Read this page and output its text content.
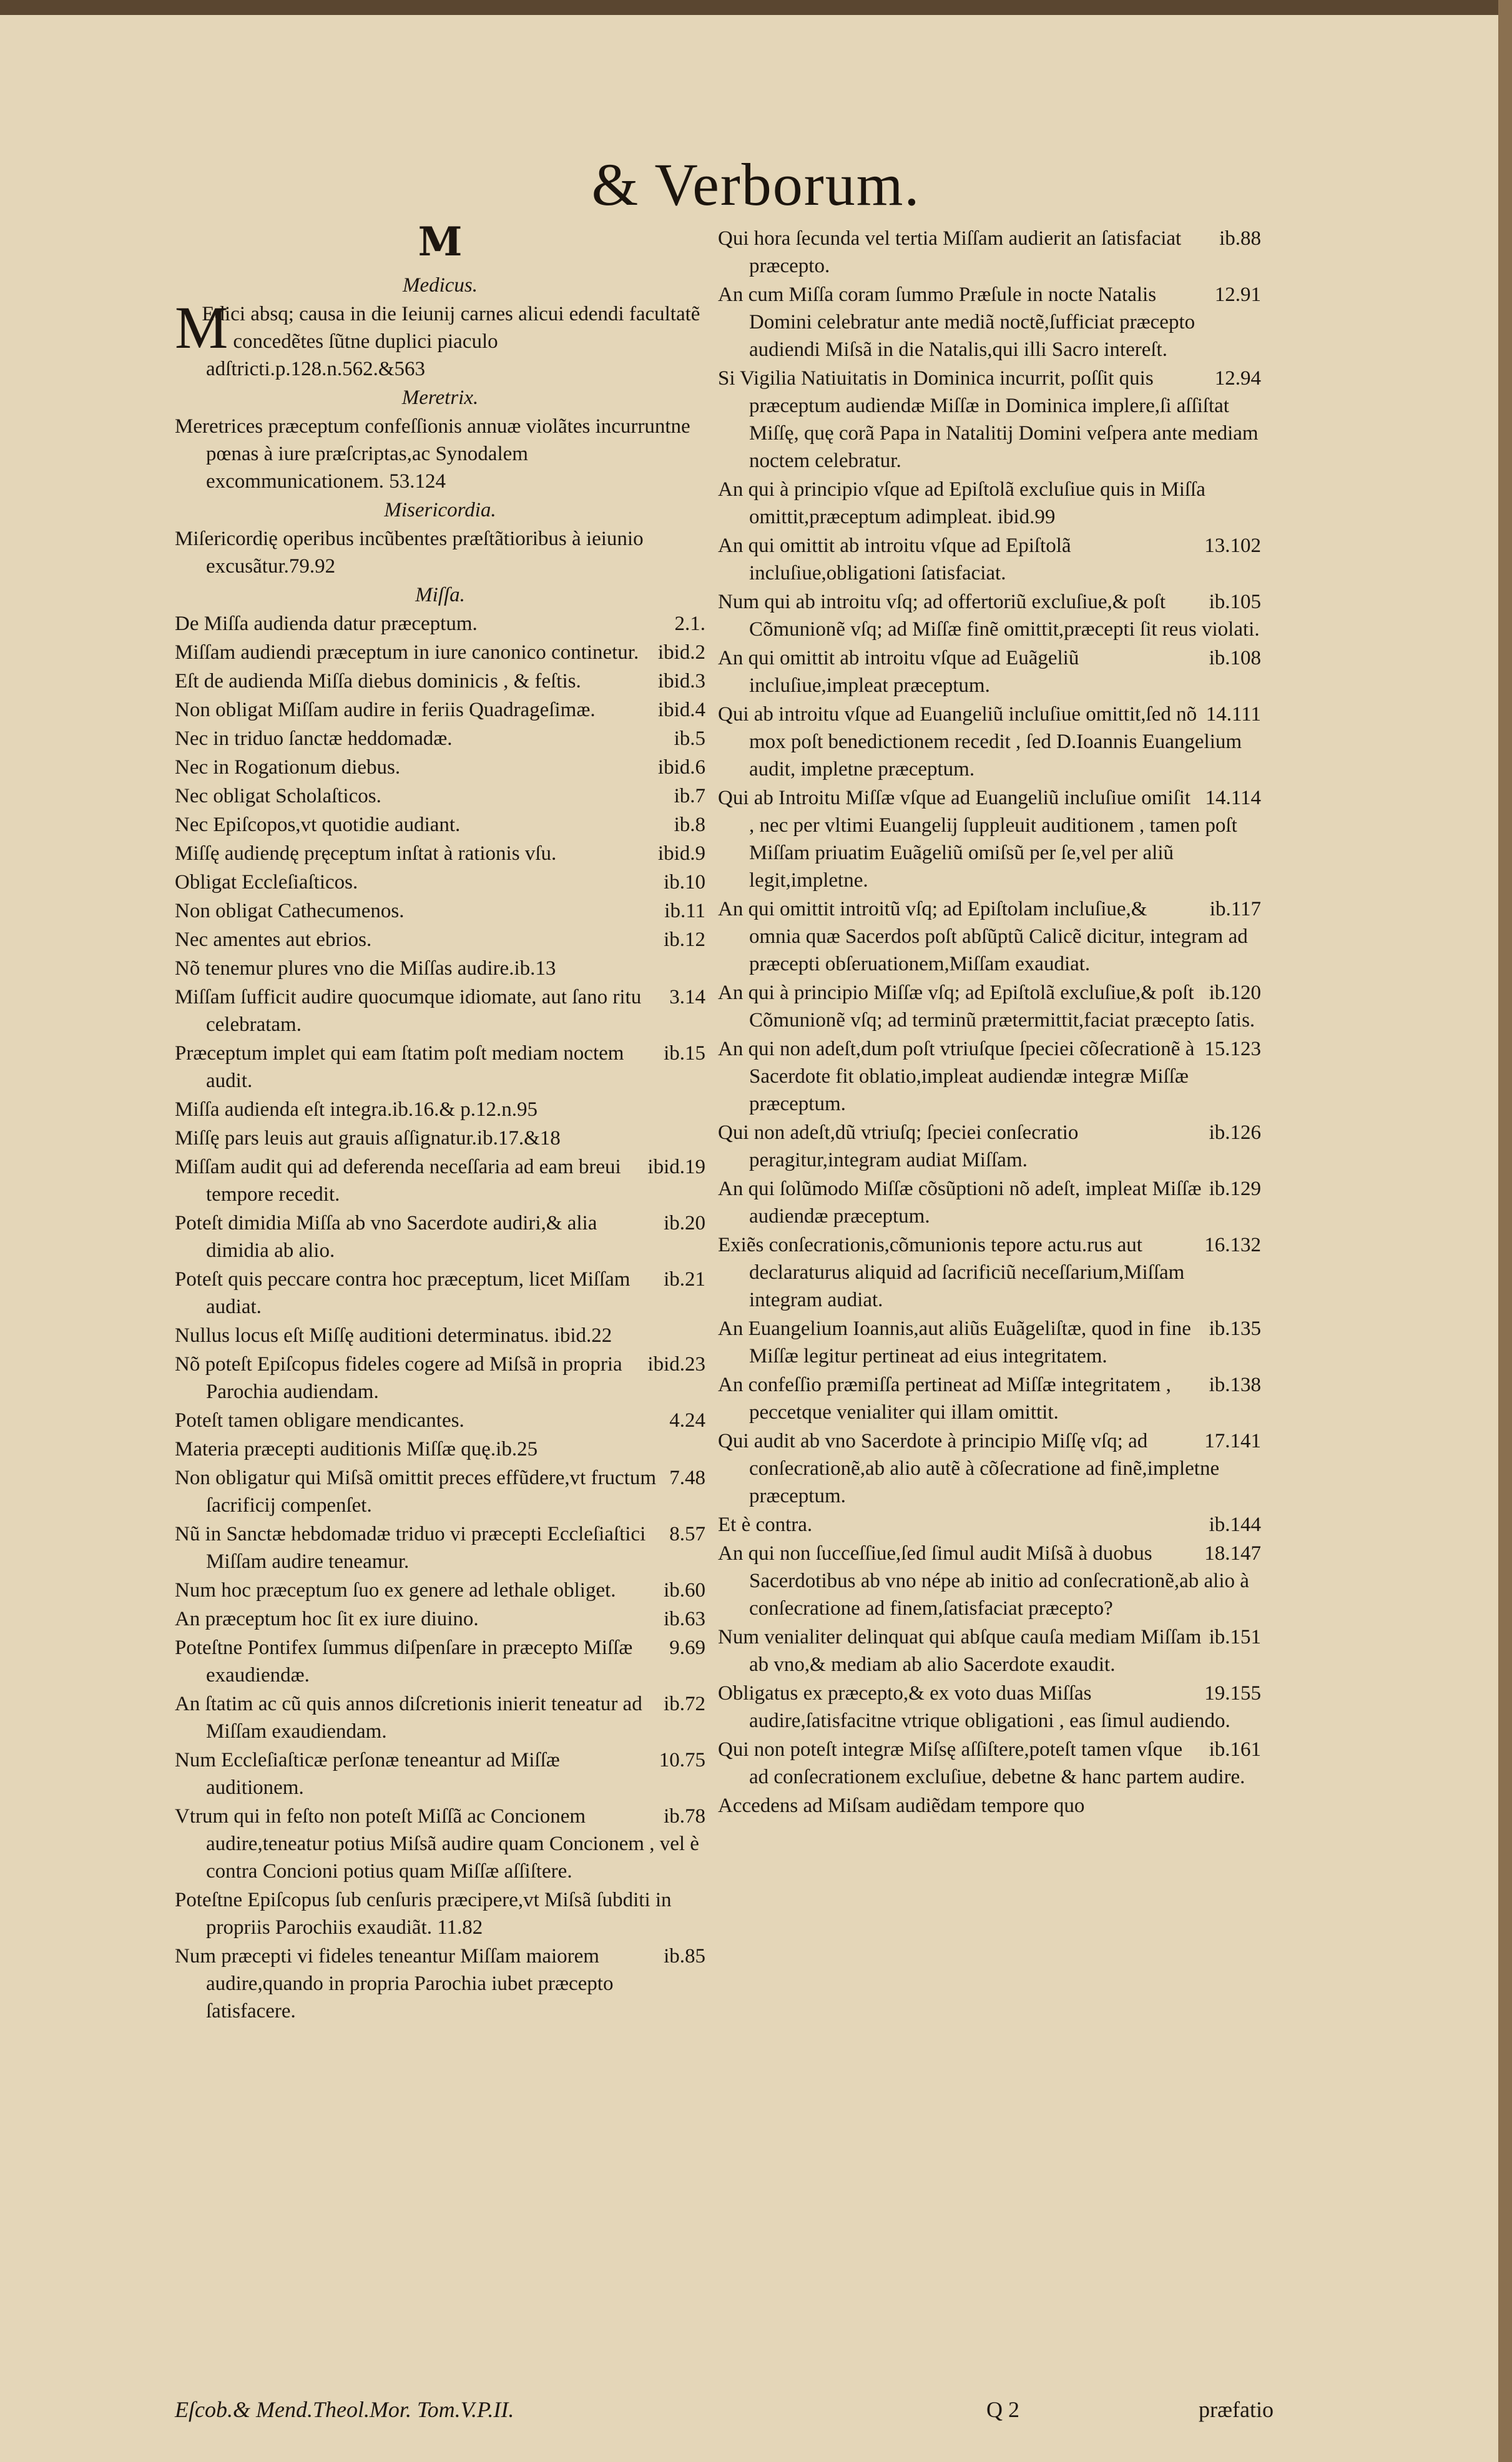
& Verborum.
M
Medicus.
M
Edici absq; causa in die Ieiunij carnes alicui edendi facultatẽ concedẽtes ſũtne duplici piaculo adſtricti.p.128.n.562.&563
Meretrix.
Meretrices præceptum confeſſionis annuæ violãtes incurruntne pœnas à iure præſcriptas,ac Synodalem excommunicationem. 53.124
Misericordia.
Miſericordię operibus incũbentes præſtãtioribus à ieiunio excusãtur.79.92
Miſſa.
2.1.
De Miſſa audienda datur præceptum.
ibid.2
Miſſam audiendi præceptum in iure canonico continetur.
ibid.3
Eſt de audienda Miſſa diebus dominicis , & feſtis.
ibid.4
Non obligat Miſſam audire in feriis Quadrageſimæ.
ib.5
Nec in triduo ſanctæ heddomadæ.
ibid.6
Nec in Rogationum diebus.
ib.7
Nec obligat Scholaſticos.
ib.8
Nec Epiſcopos,vt quotidie audiant.
ibid.9
Miſſę audiendę pręceptum inſtat à rationis vſu.
ib.10
Obligat Eccleſiaſticos.
ib.11
Non obligat Cathecumenos.
ib.12
Nec amentes aut ebrios.
Nõ tenemur plures vno die Miſſas audire.ib.13
3.14
Miſſam ſufficit audire quocumque idiomate, aut ſano ritu celebratam.
ib.15
Præceptum implet qui eam ſtatim poſt mediam noctem audit.
Miſſa audienda eſt integra.ib.16.& p.12.n.95
Miſſę pars leuis aut grauis aſſignatur.ib.17.&18
ibid.19
Miſſam audit qui ad deferenda neceſſaria ad eam breui tempore recedit.
ib.20
Poteſt dimidia Miſſa ab vno Sacerdote audiri,& alia dimidia ab alio.
ib.21
Poteſt quis peccare contra hoc præceptum, licet Miſſam audiat.
Nullus locus eſt Miſſę auditioni determinatus. ibid.22
ibid.23
Nõ poteſt Epiſcopus fideles cogere ad Miſsã in propria Parochia audiendam.
4.24
Poteſt tamen obligare mendicantes.
Materia præcepti auditionis Miſſæ quę.ib.25
7.48
Non obligatur qui Miſsã omittit preces effũdere,vt fructum ſacrificij compenſet.
8.57
Nũ in Sanctæ hebdomadæ triduo vi præcepti Eccleſiaſtici Miſſam audire teneamur.
ib.60
Num hoc præceptum ſuo ex genere ad lethale obliget.
ib.63
An præceptum hoc ſit ex iure diuino.
9.69
Poteſtne Pontifex ſummus diſpenſare in præcepto Miſſæ exaudiendæ.
ib.72
An ſtatim ac cũ quis annos diſcretionis inierit teneatur ad Miſſam exaudiendam.
10.75
Num Eccleſiaſticæ perſonæ teneantur ad Miſſæ auditionem.
ib.78
Vtrum qui in feſto non poteſt Miſſã ac Concionem audire,teneatur potius Miſsã audire quam Concionem , vel è contra Concioni potius quam Miſſæ aſſiſtere.
Poteſtne Epiſcopus ſub cenſuris præcipere,vt Miſsã ſubditi in propriis Parochiis exaudiãt. 11.82
ib.85
Num præcepti vi fideles teneantur Miſſam maiorem audire,quando in propria Parochia iubet præcepto ſatisfacere.
ib.88
Qui hora ſecunda vel tertia Miſſam audierit an ſatisfaciat præcepto.
12.91
An cum Miſſa coram ſummo Præſule in nocte Natalis Domini celebratur ante mediã noctẽ,ſufficiat præcepto audiendi Miſsã in die Natalis,qui illi Sacro intereſt.
12.94
Si Vigilia Natiuitatis in Dominica incurrit, poſſit quis præceptum audiendæ Miſſæ in Dominica implere,ſi aſſiſtat Miſſę, quę corã Papa in Natalitij Domini veſpera ante mediam noctem celebratur.
An qui à principio vſque ad Epiſtolã excluſiue quis in Miſſa omittit,præceptum adimpleat. ibid.99
13.102
An qui omittit ab introitu vſque ad Epiſtolã incluſiue,obligationi ſatisfaciat.
ib.105
Num qui ab introitu vſq; ad offertoriũ excluſiue,& poſt Cõmunionẽ vſq; ad Miſſæ finẽ omittit,præcepti ſit reus violati.
ib.108
An qui omittit ab introitu vſque ad Euãgeliũ incluſiue,impleat præceptum.
14.111
Qui ab introitu vſque ad Euangeliũ incluſiue omittit,ſed nõ mox poſt benedictionem recedit , ſed D.Ioannis Euangelium audit, impletne præceptum.
14.114
Qui ab Introitu Miſſæ vſque ad Euangeliũ incluſiue omiſit , nec per vltimi Euangelij ſuppleuit auditionem , tamen poſt Miſſam priuatim Euãgeliũ omiſsũ per ſe,vel per aliũ legit,impletne.
ib.117
An qui omittit introitũ vſq; ad Epiſtolam incluſiue,& omnia quæ Sacerdos poſt abſũptũ Calicẽ dicitur, integram ad præcepti obſeruationem,Miſſam exaudiat.
ib.120
An qui à principio Miſſæ vſq; ad Epiſtolã excluſiue,& poſt Cõmunionẽ vſq; ad terminũ prætermittit,faciat præcepto ſatis.
15.123
An qui non adeſt,dum poſt vtriuſque ſpeciei cõſecrationẽ à Sacerdote fit oblatio,impleat audiendæ integræ Miſſæ præceptum.
ib.126
Qui non adeſt,dũ vtriuſq; ſpeciei conſecratio peragitur,integram audiat Miſſam.
ib.129
An qui ſolũmodo Miſſæ cõsũptioni nõ adeſt, impleat Miſſæ audiendæ præceptum.
16.132
Exiẽs conſecrationis,cõmunionis tepore actu.rus aut declaraturus aliquid ad ſacrificiũ neceſſarium,Miſſam integram audiat.
ib.135
An Euangelium Ioannis,aut aliũs Euãgeliſtæ, quod in fine Miſſæ legitur pertineat ad eius integritatem.
ib.138
An confeſſio præmiſſa pertineat ad Miſſæ integritatem , peccetque venialiter qui illam omittit.
17.141
Qui audit ab vno Sacerdote à principio Miſſę vſq; ad conſecrationẽ,ab alio autẽ à cõſecratione ad finẽ,impletne præceptum.
ib.144
Et è contra.
18.147
An qui non ſucceſſiue,ſed ſimul audit Miſsã à duobus Sacerdotibus ab vno népe ab initio ad conſecrationẽ,ab alio à conſecratione ad finem,ſatisfaciat præcepto?
ib.151
Num venialiter delinquat qui abſque cauſa mediam Miſſam ab vno,& mediam ab alio Sacerdote exaudit.
19.155
Obligatus ex præcepto,& ex voto duas Miſſas audire,ſatisfacitne vtrique obligationi , eas ſimul audiendo.
ib.161
Qui non poteſt integræ Miſsę aſſiſtere,poteſt tamen vſque ad conſecrationem excluſiue, debetne & hanc partem audire.
Accedens ad Miſsam audiẽdam tempore quo
Eſcob.& Mend.Theol.Mor. Tom.V.P.II.	Q 2	præfatio
